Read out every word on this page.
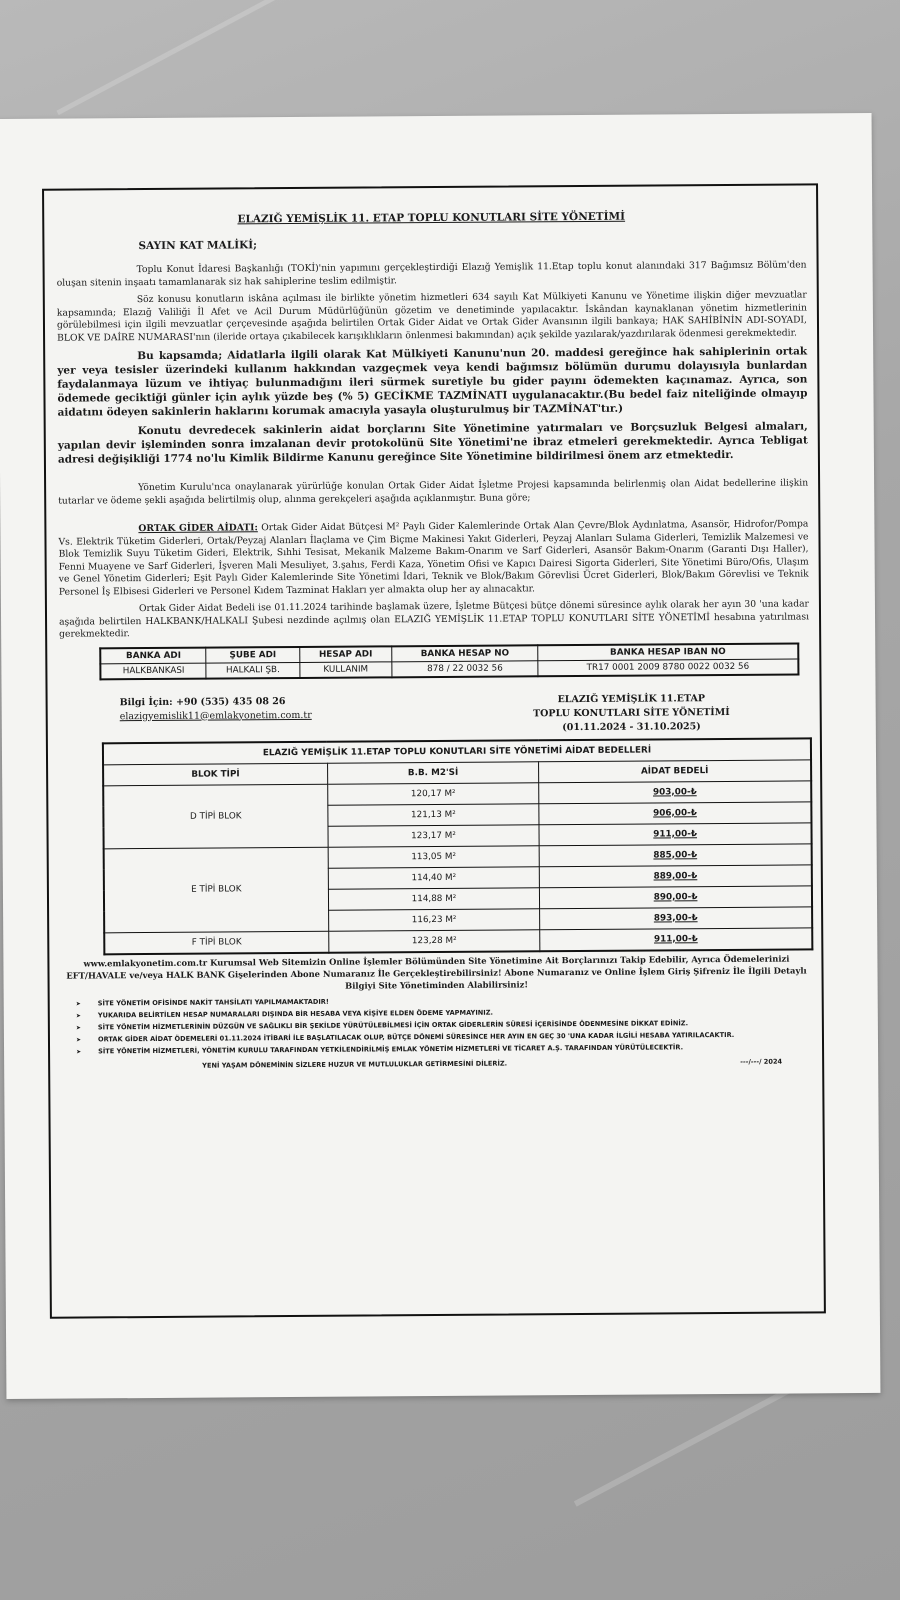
ELAZIĞ YEMİŞLİK 11. ETAP TOPLU KONUTLARI SİTE YÖNETİMİ
SAYIN KAT MALİKİ;

Toplu Konut İdaresi Başkanlığı (TOKİ)'nin yapımını gerçekleştirdiği Elazığ Yemişlik 11.Etap toplu konut alanındaki 317 Bağımsız Bölüm'den oluşan sitenin inşaatı tamamlanarak siz hak sahiplerine teslim edilmiştir.

Söz konusu konutların iskâna açılması ile birlikte yönetim hizmetleri 634 sayılı Kat Mülkiyeti Kanunu ve Yönetime ilişkin diğer mevzuatlar kapsamında; Elazığ Valiliği İl Afet ve Acil Durum Müdürlüğünün gözetim ve denetiminde yapılacaktır. İskândan kaynaklanan yönetim hizmetlerinin görülebilmesi için ilgili mevzuatlar çerçevesinde aşağıda belirtilen Ortak Gider Aidat ve Ortak Gider Avansının ilgili bankaya; HAK SAHİBİNİN ADI-SOYADI, BLOK VE DAİRE NUMARASI'nın (ileride ortaya çıkabilecek karışıklıkların önlenmesi bakımından) açık şekilde yazılarak/yazdırılarak ödenmesi gerekmektedir.

Bu kapsamda; Aidatlarla ilgili olarak Kat Mülkiyeti Kanunu'nun 20. maddesi gereğince hak sahiplerinin ortak yer veya tesisler üzerindeki kullanım hakkından vazgeçmek veya kendi bağımsız bölümün durumu dolayısıyla bunlardan faydalanmaya lüzum ve ihtiyaç bulunmadığını ileri sürmek suretiyle bu gider payını ödemekten kaçınamaz. Ayrıca, son ödemede geciktiği günler için aylık yüzde beş (% 5) GECİKME TAZMİNATI uygulanacaktır.(Bu bedel faiz niteliğinde olmayıp aidatını ödeyen sakinlerin haklarını korumak amacıyla yasayla oluşturulmuş bir TAZMİNAT'tır.)

Konutu devredecek sakinlerin aidat borçlarını Site Yönetimine yatırmaları ve Borçsuzluk Belgesi almaları, yapılan devir işleminden sonra imzalanan devir protokolünü Site Yönetimi'ne ibraz etmeleri gerekmektedir. Ayrıca Tebligat adresi değişikliği 1774 no'lu Kimlik Bildirme Kanunu gereğince Site Yönetimine bildirilmesi önem arz etmektedir.

Yönetim Kurulu'nca onaylanarak yürürlüğe konulan Ortak Gider Aidat İşletme Projesi kapsamında belirlenmiş olan Aidat bedellerine ilişkin tutarlar ve ödeme şekli aşağıda belirtilmiş olup, alınma gerekçeleri aşağıda açıklanmıştır. Buna göre;

ORTAK GİDER AİDATI: Ortak Gider Aidat Bütçesi M² Paylı Gider Kalemlerinde Ortak Alan Çevre/Blok Aydınlatma, Asansör, Hidrofor/Pompa Vs. Elektrik Tüketim Giderleri, Ortak/Peyzaj Alanları İlaçlama ve Çim Biçme Makinesi Yakıt Giderleri, Peyzaj Alanları Sulama Giderleri, Temizlik Malzemesi ve Blok Temizlik Suyu Tüketim Gideri, Elektrik, Sıhhi Tesisat, Mekanik Malzeme Bakım-Onarım ve Sarf Giderleri, Asansör Bakım-Onarım (Garanti Dışı Haller), Fenni Muayene ve Sarf Giderleri, İşveren Mali Mesuliyet, 3.şahıs, Ferdi Kaza, Yönetim Ofisi ve Kapıcı Dairesi Sigorta Giderleri, Site Yönetimi Büro/Ofis, Ulaşım ve Genel Yönetim Giderleri; Eşit Paylı Gider Kalemlerinde Site Yönetimi İdari, Teknik ve Blok/Bakım Görevlisi Ücret Giderleri, Blok/Bakım Görevlisi ve Teknik Personel İş Elbisesi Giderleri ve Personel Kıdem Tazminat Hakları yer almakta olup her ay alınacaktır.

Ortak Gider Aidat Bedeli ise 01.11.2024 tarihinde başlamak üzere, İşletme Bütçesi bütçe dönemi süresince aylık olarak her ayın 30 'una kadar aşağıda belirtilen HALKBANK/HALKALI Şubesi nezdinde açılmış olan ELAZIĞ YEMİŞLİK 11.ETAP TOPLU KONUTLARI SİTE YÖNETİMİ hesabına yatırılması gerekmektedir.

BANKA ADI	ŞUBE ADI	HESAP ADI	BANKA HESAP NO	BANKA HESAP IBAN NO
HALKBANKASI	HALKALI ŞB.	KULLANIM	878 / 22 0032 56	TR17 0001 2009 8780 0022 0032 56
Bilgi İçin: +90 (535) 435 08 26
elazigyemislik11@emlakyonetim.com.tr
ELAZIĞ YEMİŞLİK 11.ETAP
TOPLU KONUTLARI SİTE YÖNETİMİ
(01.11.2024 - 31.10.2025)
ELAZIĞ YEMİŞLİK 11.ETAP TOPLU KONUTLARI SİTE YÖNETİMİ AİDAT BEDELLERİ		
BLOK TİPİ	B.B. M2'Sİ	AİDAT BEDELİ
D TİPİ BLOK	120,17 M²	903,00-₺
	121,13 M²	906,00-₺
	123,17 M²	911,00-₺
E TİPİ BLOK	113,05 M²	885,00-₺
	114,40 M²	889,00-₺
	114,88 M²	890,00-₺
	116,23 M²	893,00-₺
F TİPİ BLOK	123,28 M²	911,00-₺
www.emlakyonetim.com.tr Kurumsal Web Sitemizin Online İşlemler Bölümünden Site Yönetimine Ait Borçlarınızı Takip Edebilir, Ayrıca Ödemelerinizi EFT/HAVALE ve/veya HALK BANK Gişelerinden Abone Numaranız İle Gerçekleştirebilirsiniz! Abone Numaranız ve Online İşlem Giriş Şifreniz İle İlgili Detaylı Bilgiyi Site Yönetiminden Alabilirsiniz!
➤ SİTE YÖNETİM OFİSİNDE NAKİT TAHSİLATI YAPILMAMAKTADIR!
➤ YUKARIDA BELİRTİLEN HESAP NUMARALARI DIŞINDA BİR HESABA VEYA KİŞİYE ELDEN ÖDEME YAPMAYINIZ.
➤ SİTE YÖNETİM HİZMETLERİNİN DÜZGÜN VE SAĞLIKLI BİR ŞEKİLDE YÜRÜTÜLEBİLMESİ İÇİN ORTAK GİDERLERİN SÜRESİ İÇERİSİNDE ÖDENMESİNE DİKKAT EDİNİZ.
➤ ORTAK GİDER AİDAT ÖDEMELERİ 01.11.2024 İTİBARİ İLE BAŞLATILACAK OLUP, BÜTÇE DÖNEMİ SÜRESİNCE HER AYIN EN GEÇ 30 'UNA KADAR İLGİLİ HESABA YATIRILACAKTIR.
➤ SİTE YÖNETİM HİZMETLERİ, YÖNETİM KURULU TARAFINDAN YETKİLENDİRİLMİŞ EMLAK YÖNETİM HİZMETLERİ VE TİCARET A.Ş. TARAFINDAN YÜRÜTÜLECEKTİR.
YENİ YAŞAM DÖNEMİNİN SİZLERE HUZUR VE MUTLULUKLAR GETİRMESİNİ DİLERİZ.	---/---/ 2024
